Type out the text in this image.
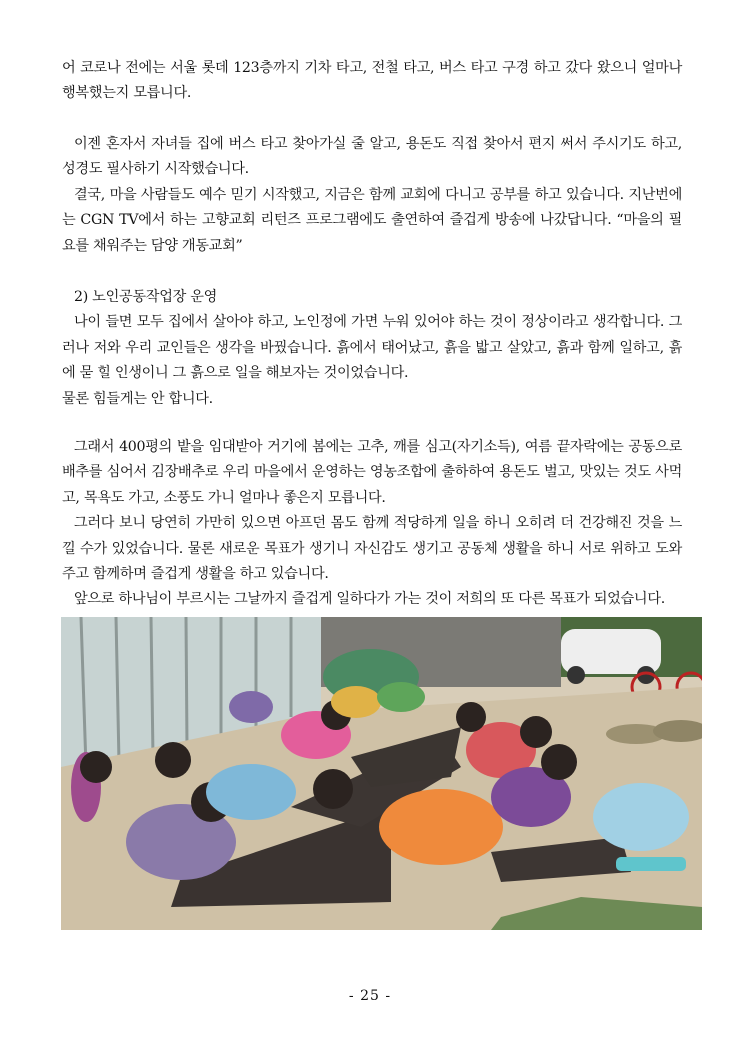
어 코로나 전에는 서울 롯데 123층까지 기차 타고, 전철 타고, 버스 타고 구경 하고 갔다 왔으니 얼마나 행복했는지 모릅니다.

이젠 혼자서 자녀들 집에 버스 타고 찾아가실 줄 알고, 용돈도 직접 찾아서 편지 써서 주시기도 하고, 성경도 필사하기 시작했습니다.

결국, 마을 사람들도 예수 믿기 시작했고, 지금은 함께 교회에 다니고 공부를 하고 있습니다. 지난번에는 CGN TV에서 하는 고향교회 리턴즈 프로그램에도 출연하여 즐겁게 방송에 나갔답니다. “마을의 필요를 채워주는 담양 개동교회”

2) 노인공동작업장 운영

나이 들면 모두 집에서 살아야 하고, 노인정에 가면 누워 있어야 하는 것이 정상이라고 생각합니다. 그러나 저와 우리 교인들은 생각을 바꿨습니다. 흙에서 태어났고, 흙을 밟고 살았고, 흙과 함께 일하고, 흙에 묻 힐 인생이니 그 흙으로 일을 해보자는 것이었습니다.

물론 힘들게는 안 합니다.

그래서 400평의 밭을 임대받아 거기에 봄에는 고추, 깨를 심고(자기소득), 여름 끝자락에는 공동으로 배추를 심어서 김장배추로 우리 마을에서 운영하는 영농조합에 출하하여 용돈도 벌고, 맛있는 것도 사먹고, 목욕도 가고, 소풍도 가니 얼마나 좋은지 모릅니다.

그러다 보니 당연히 가만히 있으면 아프던 몸도 함께 적당하게 일을 하니 오히려 더 건강해진 것을 느낄 수가 있었습니다. 물론 새로운 목표가 생기니 자신감도 생기고 공동체 생활을 하니 서로 위하고 도와주고 함께하며 즐겁게 생활을 하고 있습니다.

앞으로 하나님이 부르시는 그날까지 즐겁게 일하다가 가는 것이 저희의 또 다른 목표가 되었습니다.

- 25 -
